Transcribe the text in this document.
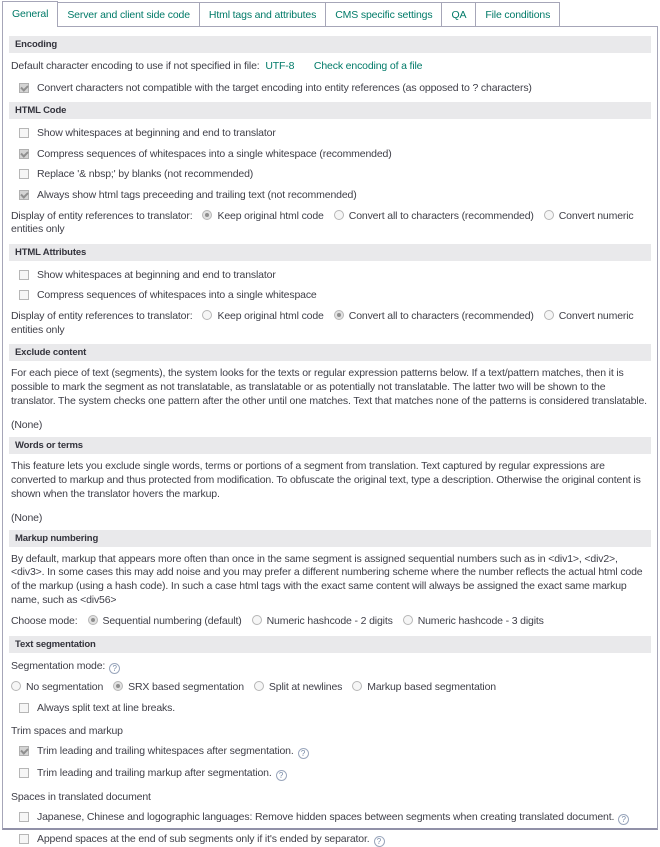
General	Server and client side code	Html tags and attributes	CMS specific settings	QA	File conditions
Encoding
Default character encoding to use if not specified in file: UTF-8 Check encoding of a file
Convert characters not compatible with the target encoding into entity references (as opposed to ? characters)
HTML Code
Show whitespaces at beginning and end to translator
Compress sequences of whitespaces into a single whitespace (recommended)
Replace '& nbsp;' by blanks (not recommended)
Always show html tags preceeding and trailing text (not recommended)
Display of entity references to translator: Keep original html code Convert all to characters (recommended) Convert numeric entities only
HTML Attributes
Show whitespaces at beginning and end to translator
Compress sequences of whitespaces into a single whitespace
Display of entity references to translator: Keep original html code Convert all to characters (recommended) Convert numeric entities only
Exclude content
For each piece of text (segments), the system looks for the texts or regular expression patterns below. If a text/pattern matches, then it is possible to mark the segment as not translatable, as translatable or as potentially not translatable. The latter two will be shown to the translator. The system checks one pattern after the other until one matches. Text that matches none of the patterns is considered translatable.
(None)
Words or terms
This feature lets you exclude single words, terms or portions of a segment from translation. Text captured by regular expressions are converted to markup and thus protected from modification. To obfuscate the original text, type a description. Otherwise the original content is shown when the translator hovers the markup.
(None)
Markup numbering
By default, markup that appears more often than once in the same segment is assigned sequential numbers such as in <div1>, <div2>, <div3>. In some cases this may add noise and you may prefer a different numbering scheme where the number reflects the actual html code of the markup (using a hash code). In such a case html tags with the exact same content will always be assigned the exact same markup name, such as <div56>
Choose mode: Sequential numbering (default) Numeric hashcode - 2 digits Numeric hashcode - 3 digits
Text segmentation
Segmentation mode:?
No segmentation SRX based segmentation Split at newlines Markup based segmentation
Always split text at line breaks.
Trim spaces and markup
Trim leading and trailing whitespaces after segmentation.?
Trim leading and trailing markup after segmentation.?
Spaces in translated document
Japanese, Chinese and logographic languages: Remove hidden spaces between segments when creating translated document.?
Append spaces at the end of sub segments only if it's ended by separator.?
